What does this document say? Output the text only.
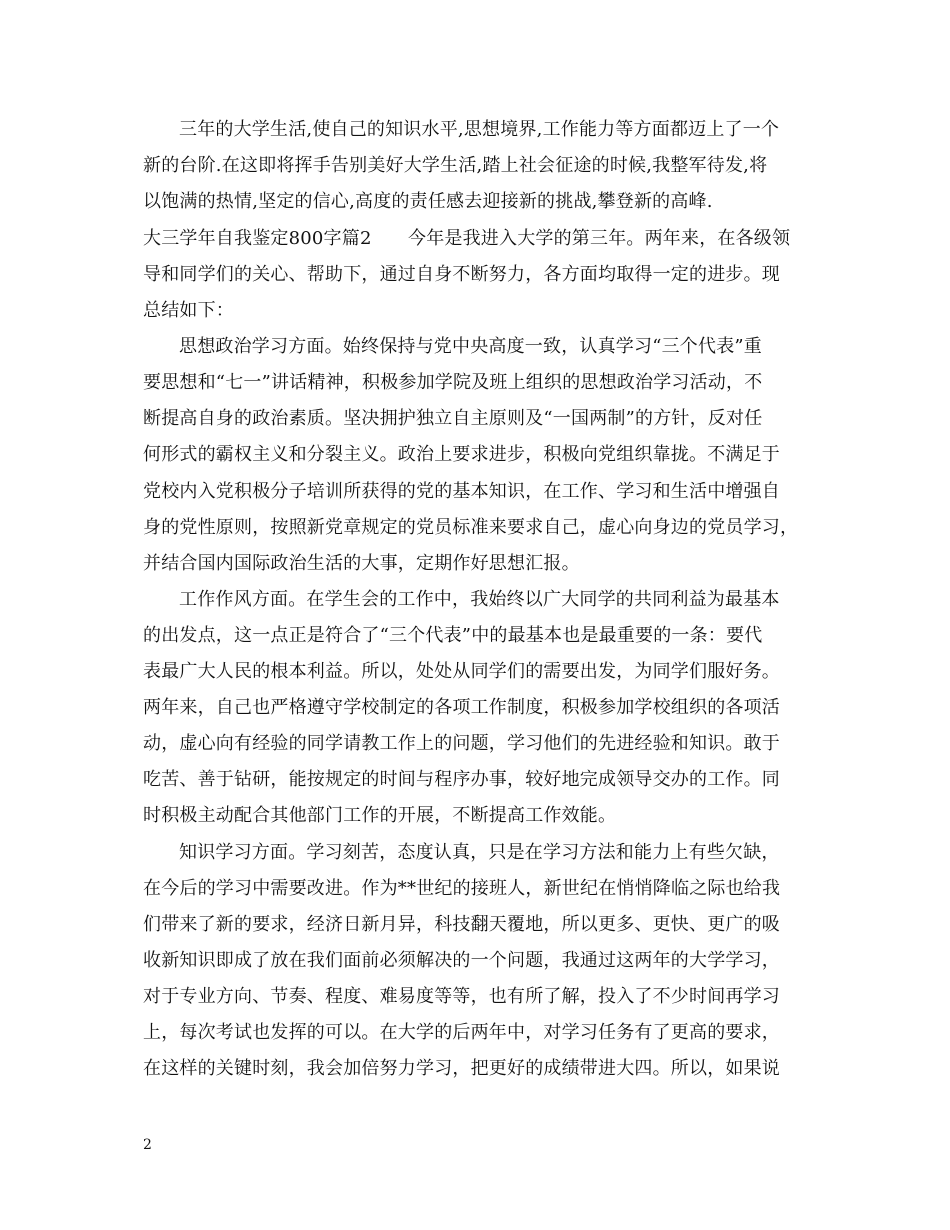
三年的大学生活,使自己的知识水平,思想境界,工作能力等方面都迈上了一个
新的台阶.在这即将挥手告别美好大学生活,踏上社会征途的时候,我整军待发,将
以饱满的热情,坚定的信心,高度的责任感去迎接新的挑战,攀登新的高峰.
大三学年自我鉴定800字篇2　　今年是我进入大学的第三年。两年来，在各级领
导和同学们的关心、帮助下，通过自身不断努力，各方面均取得一定的进步。现
总结如下：
思想政治学习方面。始终保持与党中央高度一致，认真学习“三个代表”重
要思想和“七一”讲话精神，积极参加学院及班上组织的思想政治学习活动，不
断提高自身的政治素质。坚决拥护独立自主原则及“一国两制”的方针，反对任
何形式的霸权主义和分裂主义。政治上要求进步，积极向党组织靠拢。不满足于
党校内入党积极分子培训所获得的党的基本知识，在工作、学习和生活中增强自
身的党性原则，按照新党章规定的党员标准来要求自己，虚心向身边的党员学习，
并结合国内国际政治生活的大事，定期作好思想汇报。
工作作风方面。在学生会的工作中，我始终以广大同学的共同利益为最基本
的出发点，这一点正是符合了“三个代表”中的最基本也是最重要的一条：要代
表最广大人民的根本利益。所以，处处从同学们的需要出发，为同学们服好务。
两年来，自己也严格遵守学校制定的各项工作制度，积极参加学校组织的各项活
动，虚心向有经验的同学请教工作上的问题，学习他们的先进经验和知识。敢于
吃苦、善于钻研，能按规定的时间与程序办事，较好地完成领导交办的工作。同
时积极主动配合其他部门工作的开展，不断提高工作效能。
知识学习方面。学习刻苦，态度认真，只是在学习方法和能力上有些欠缺，
在今后的学习中需要改进。作为**世纪的接班人，新世纪在悄悄降临之际也给我
们带来了新的要求，经济日新月异，科技翻天覆地，所以更多、更快、更广的吸
收新知识即成了放在我们面前必须解决的一个问题，我通过这两年的大学学习，
对于专业方向、节奏、程度、难易度等等，也有所了解，投入了不少时间再学习
上，每次考试也发挥的可以。在大学的后两年中，对学习任务有了更高的要求，
在这样的关键时刻，我会加倍努力学习，把更好的成绩带进大四。所以，如果说
2
